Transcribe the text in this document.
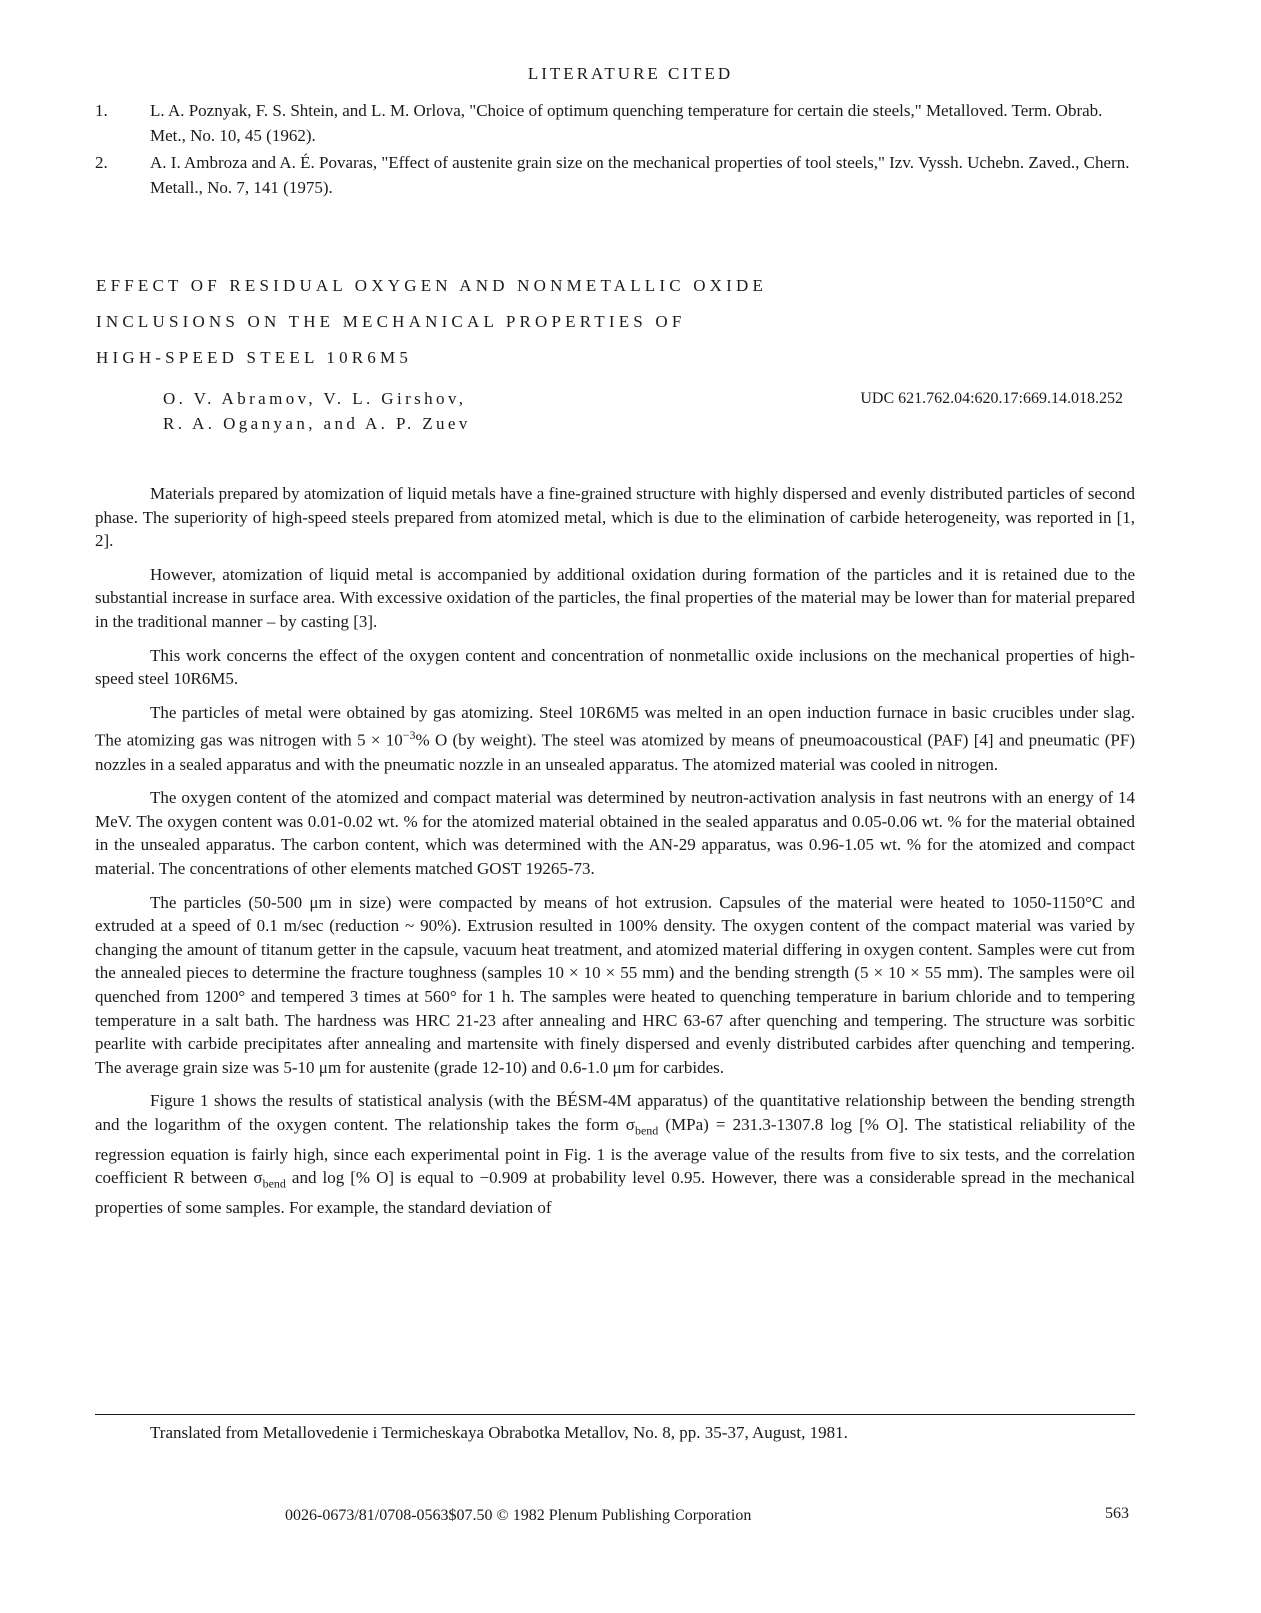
LITERATURE CITED
1. L. A. Poznyak, F. S. Shtein, and L. M. Orlova, "Choice of optimum quenching temperature for certain die steels," Metalloved. Term. Obrab. Met., No. 10, 45 (1962).
2. A. I. Ambroza and A. É. Povaras, "Effect of austenite grain size on the mechanical properties of tool steels," Izv. Vyssh. Uchebn. Zaved., Chern. Metall., No. 7, 141 (1975).
EFFECT OF RESIDUAL OXYGEN AND NONMETALLIC OXIDE
INCLUSIONS ON THE MECHANICAL PROPERTIES OF
HIGH-SPEED STEEL 10R6M5
O. V. Abramov, V. L. Girshov,
R. A. Oganyan, and A. P. Zuev
UDC 621.762.04:620.17:669.14.018.252

Materials prepared by atomization of liquid metals have a fine-grained structure with highly dispersed and evenly distributed particles of second phase. The superiority of high-speed steels prepared from atomized metal, which is due to the elimination of carbide heterogeneity, was reported in [1, 2].

However, atomization of liquid metal is accompanied by additional oxidation during formation of the particles and it is retained due to the substantial increase in surface area. With excessive oxidation of the particles, the final properties of the material may be lower than for material prepared in the traditional manner – by casting [3].

This work concerns the effect of the oxygen content and concentration of nonmetallic oxide inclusions on the mechanical properties of high-speed steel 10R6M5.

The particles of metal were obtained by gas atomizing. Steel 10R6M5 was melted in an open induction furnace in basic crucibles under slag. The atomizing gas was nitrogen with $5 \times 10^{-3}\%$ O (by weight). The steel was atomized by means of pneumoacoustical (PAF) [4] and pneumatic (PF) nozzles in a sealed apparatus and with the pneumatic nozzle in an unsealed apparatus. The atomized material was cooled in nitrogen.

The oxygen content of the atomized and compact material was determined by neutron-activation analysis in fast neutrons with an energy of 14 MeV. The oxygen content was 0.01-0.02 wt. % for the atomized material obtained in the sealed apparatus and 0.05-0.06 wt. % for the material obtained in the unsealed apparatus. The carbon content, which was determined with the AN-29 apparatus, was 0.96-1.05 wt. % for the atomized and compact material. The concentrations of other elements matched GOST 19265-73.

The particles (50-500 μm in size) were compacted by means of hot extrusion. Capsules of the material were heated to 1050-1150°C and extruded at a speed of 0.1 m/sec (reduction ~ 90%). Extrusion resulted in 100% density. The oxygen content of the compact material was varied by changing the amount of titanum getter in the capsule, vacuum heat treatment, and atomized material differing in oxygen content. Samples were cut from the annealed pieces to determine the fracture toughness (samples 10 × 10 × 55 mm) and the bending strength (5 × 10 × 55 mm). The samples were oil quenched from 1200° and tempered 3 times at 560° for 1 h. The samples were heated to quenching temperature in barium chloride and to tempering temperature in a salt bath. The hardness was HRC 21-23 after annealing and HRC 63-67 after quenching and tempering. The structure was sorbitic pearlite with carbide precipitates after annealing and martensite with finely dispersed and evenly distributed carbides after quenching and tempering. The average grain size was 5-10 μm for austenite (grade 12-10) and 0.6-1.0 μm for carbides.

Figure 1 shows the results of statistical analysis (with the BÉSM-4M apparatus) of the quantitative relationship between the bending strength and the logarithm of the oxygen content. The relationship takes the form $\sigma_{bend}$ (MPa) = 231.3-1307.8 log [% O]. The statistical reliability of the regression equation is fairly high, since each experimental point in Fig. 1 is the average value of the results from five to six tests, and the correlation coefficient R between $\sigma_{bend}$ and log [% O] is equal to −0.909 at probability level 0.95. However, there was a considerable spread in the mechanical properties of some samples. For example, the standard deviation of

Translated from Metallovedenie i Termicheskaya Obrabotka Metallov, No. 8, pp. 35-37, August, 1981.
0026-0673/81/0708-0563$07.50 © 1982 Plenum Publishing Corporation	563
